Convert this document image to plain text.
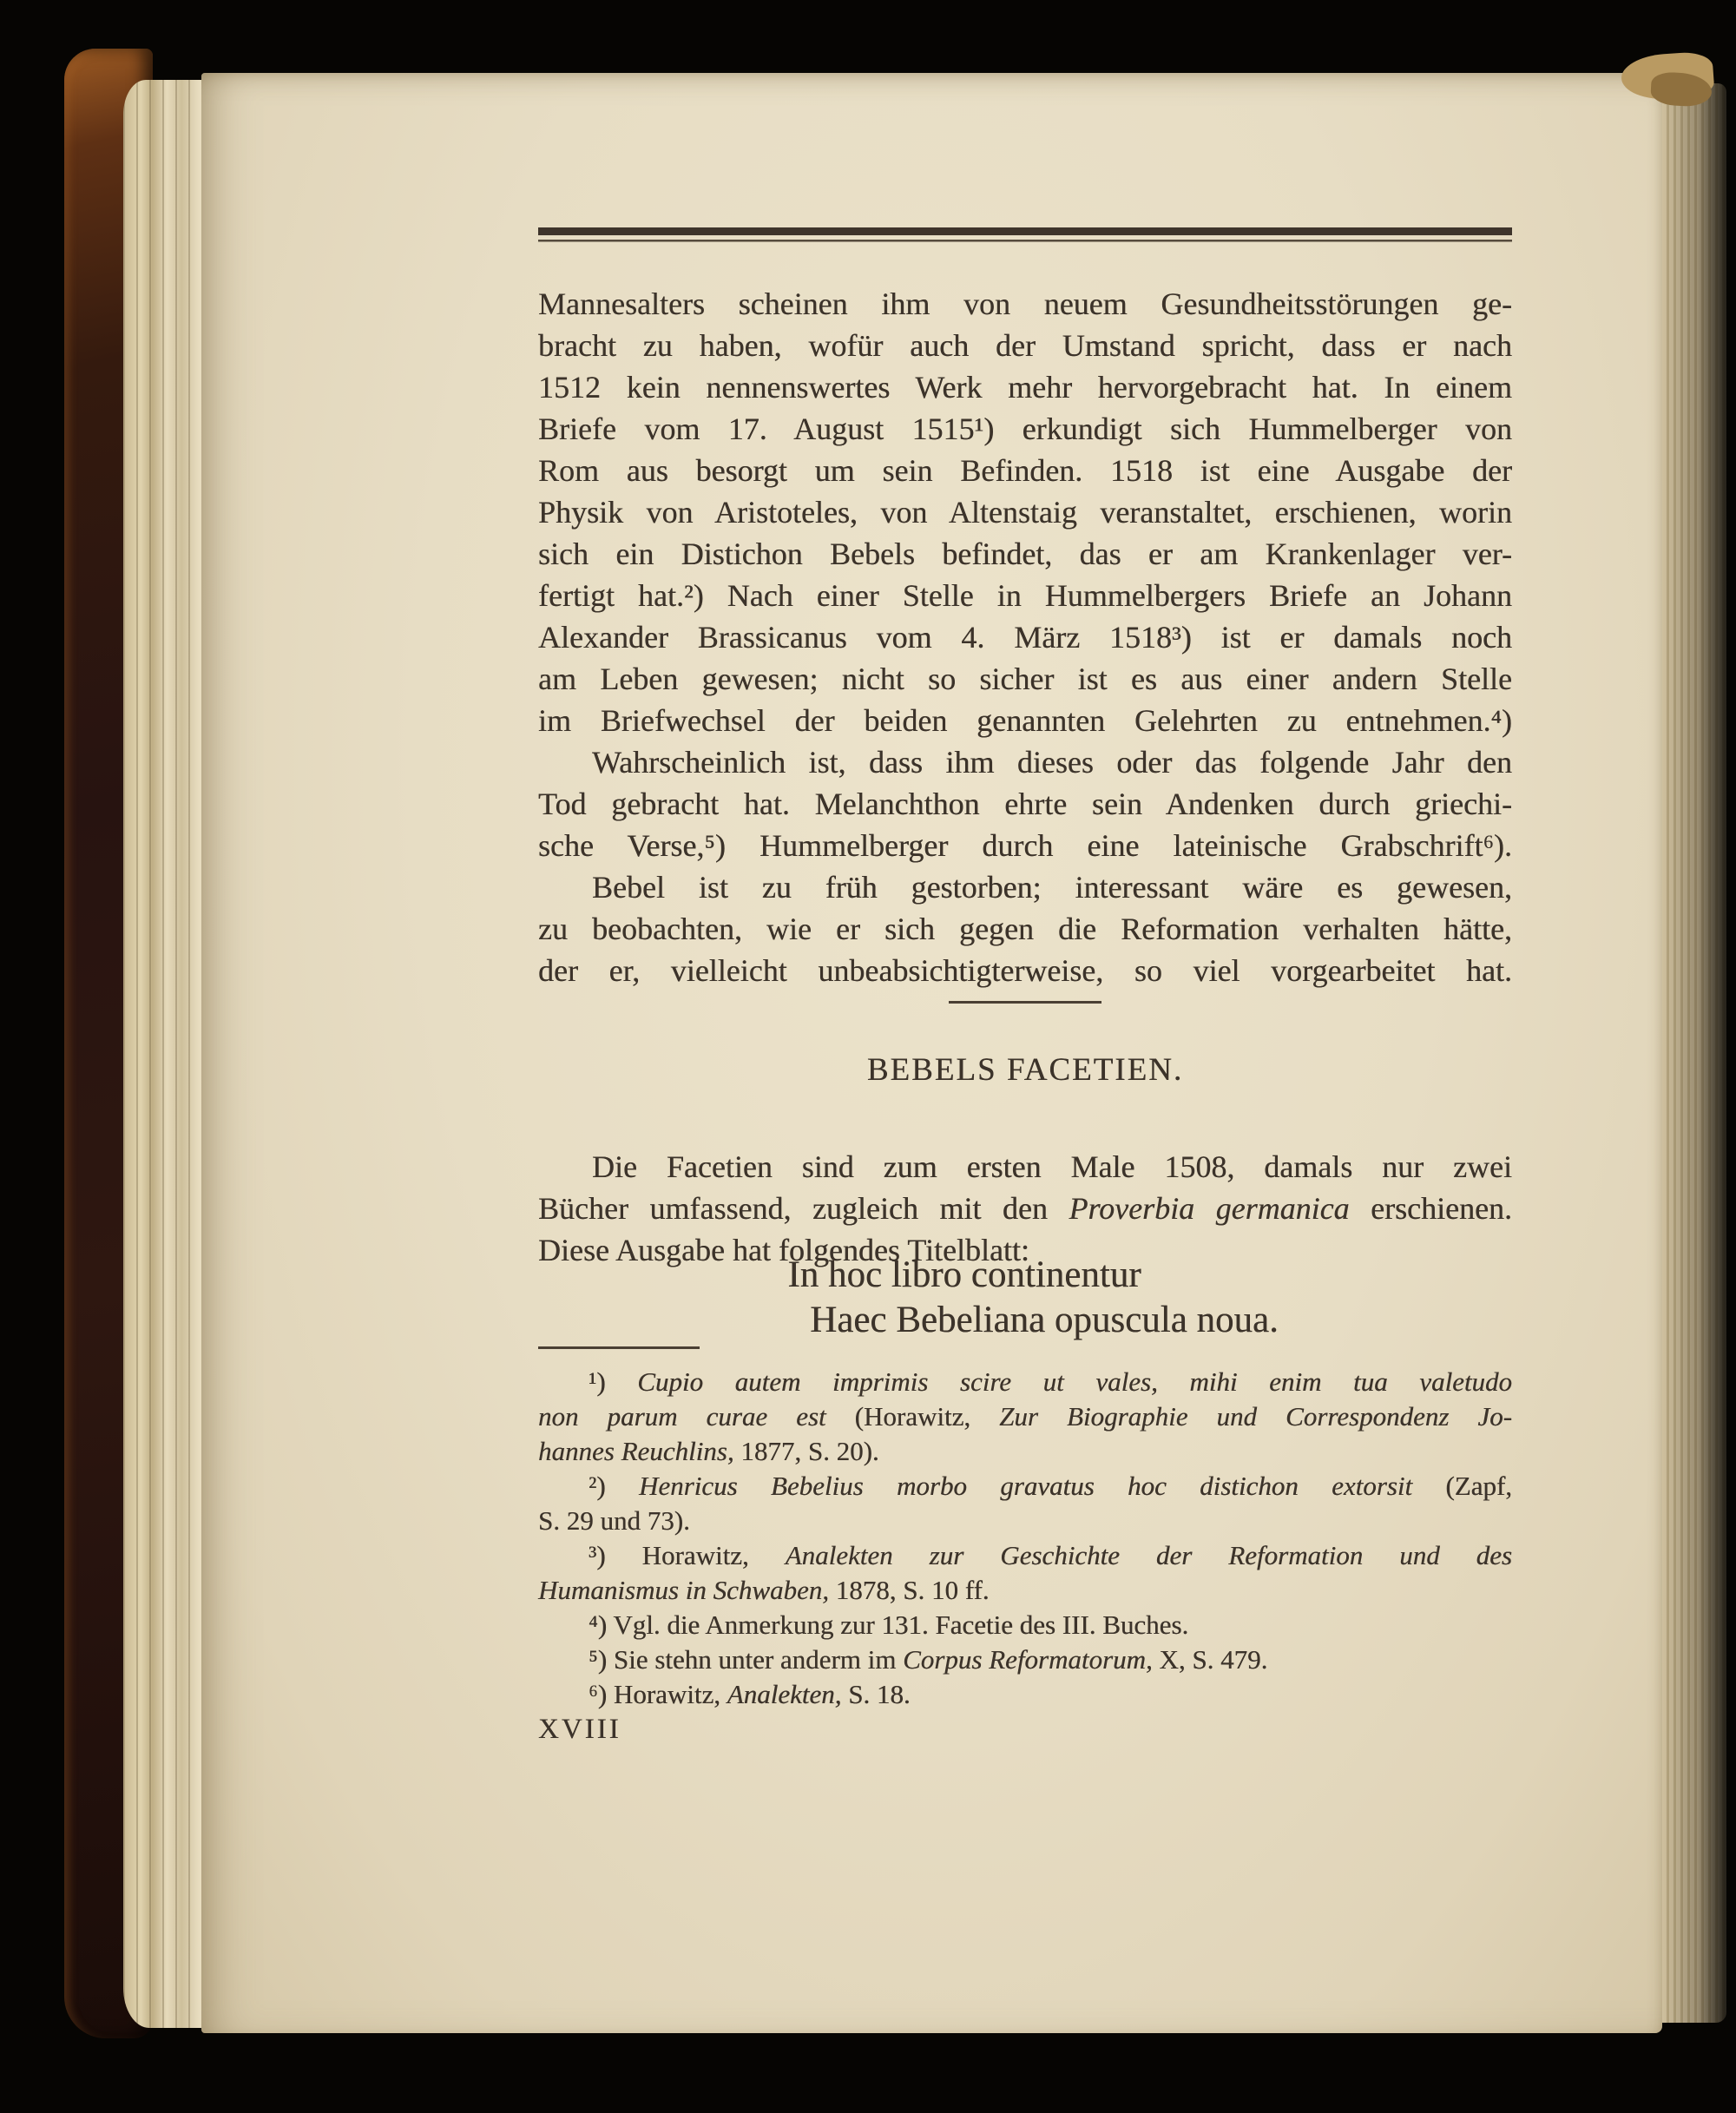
Mannesalters scheinen ihm von neuem Gesundheitsstörungen ge-
bracht zu haben, wofür auch der Umstand spricht, dass er nach
1512 kein nennenswertes Werk mehr hervorgebracht hat. In einem
Briefe vom 17. August 1515¹) erkundigt sich Hummelberger von
Rom aus besorgt um sein Befinden. 1518 ist eine Ausgabe der
Physik von Aristoteles, von Altenstaig veranstaltet, erschienen, worin
sich ein Distichon Bebels befindet, das er am Krankenlager ver-
fertigt hat.²) Nach einer Stelle in Hummelbergers Briefe an Johann
Alexander Brassicanus vom 4. März 1518³) ist er damals noch
am Leben gewesen; nicht so sicher ist es aus einer andern Stelle
im Briefwechsel der beiden genannten Gelehrten zu entnehmen.⁴)
Wahrscheinlich ist, dass ihm dieses oder das folgende Jahr den
Tod gebracht hat. Melanchthon ehrte sein Andenken durch griechi-
sche Verse,⁵) Hummelberger durch eine lateinische Grabschrift⁶).
Bebel ist zu früh gestorben; interessant wäre es gewesen,
zu beobachten, wie er sich gegen die Reformation verhalten hätte,
der er, vielleicht unbeabsichtigterweise, so viel vorgearbeitet hat.
BEBELS FACETIEN.
Die Facetien sind zum ersten Male 1508, damals nur zwei
Bücher umfassend, zugleich mit den Proverbia germanica erschienen.
Diese Ausgabe hat folgendes Titelblatt:
In hoc libro continentur
Haec Bebeliana opuscula noua.
¹) Cupio autem imprimis scire ut vales, mihi enim tua valetudo
non parum curae est (Horawitz, Zur Biographie und Correspondenz Jo-
hannes Reuchlins, 1877, S. 20).
²) Henricus Bebelius morbo gravatus hoc distichon extorsit (Zapf,
S. 29 und 73).
³) Horawitz, Analekten zur Geschichte der Reformation und des
Humanismus in Schwaben, 1878, S. 10 ff.
⁴) Vgl. die Anmerkung zur 131. Facetie des III. Buches.
⁵) Sie stehn unter anderm im Corpus Reformatorum, X, S. 479.
⁶) Horawitz, Analekten, S. 18.
XVIII
